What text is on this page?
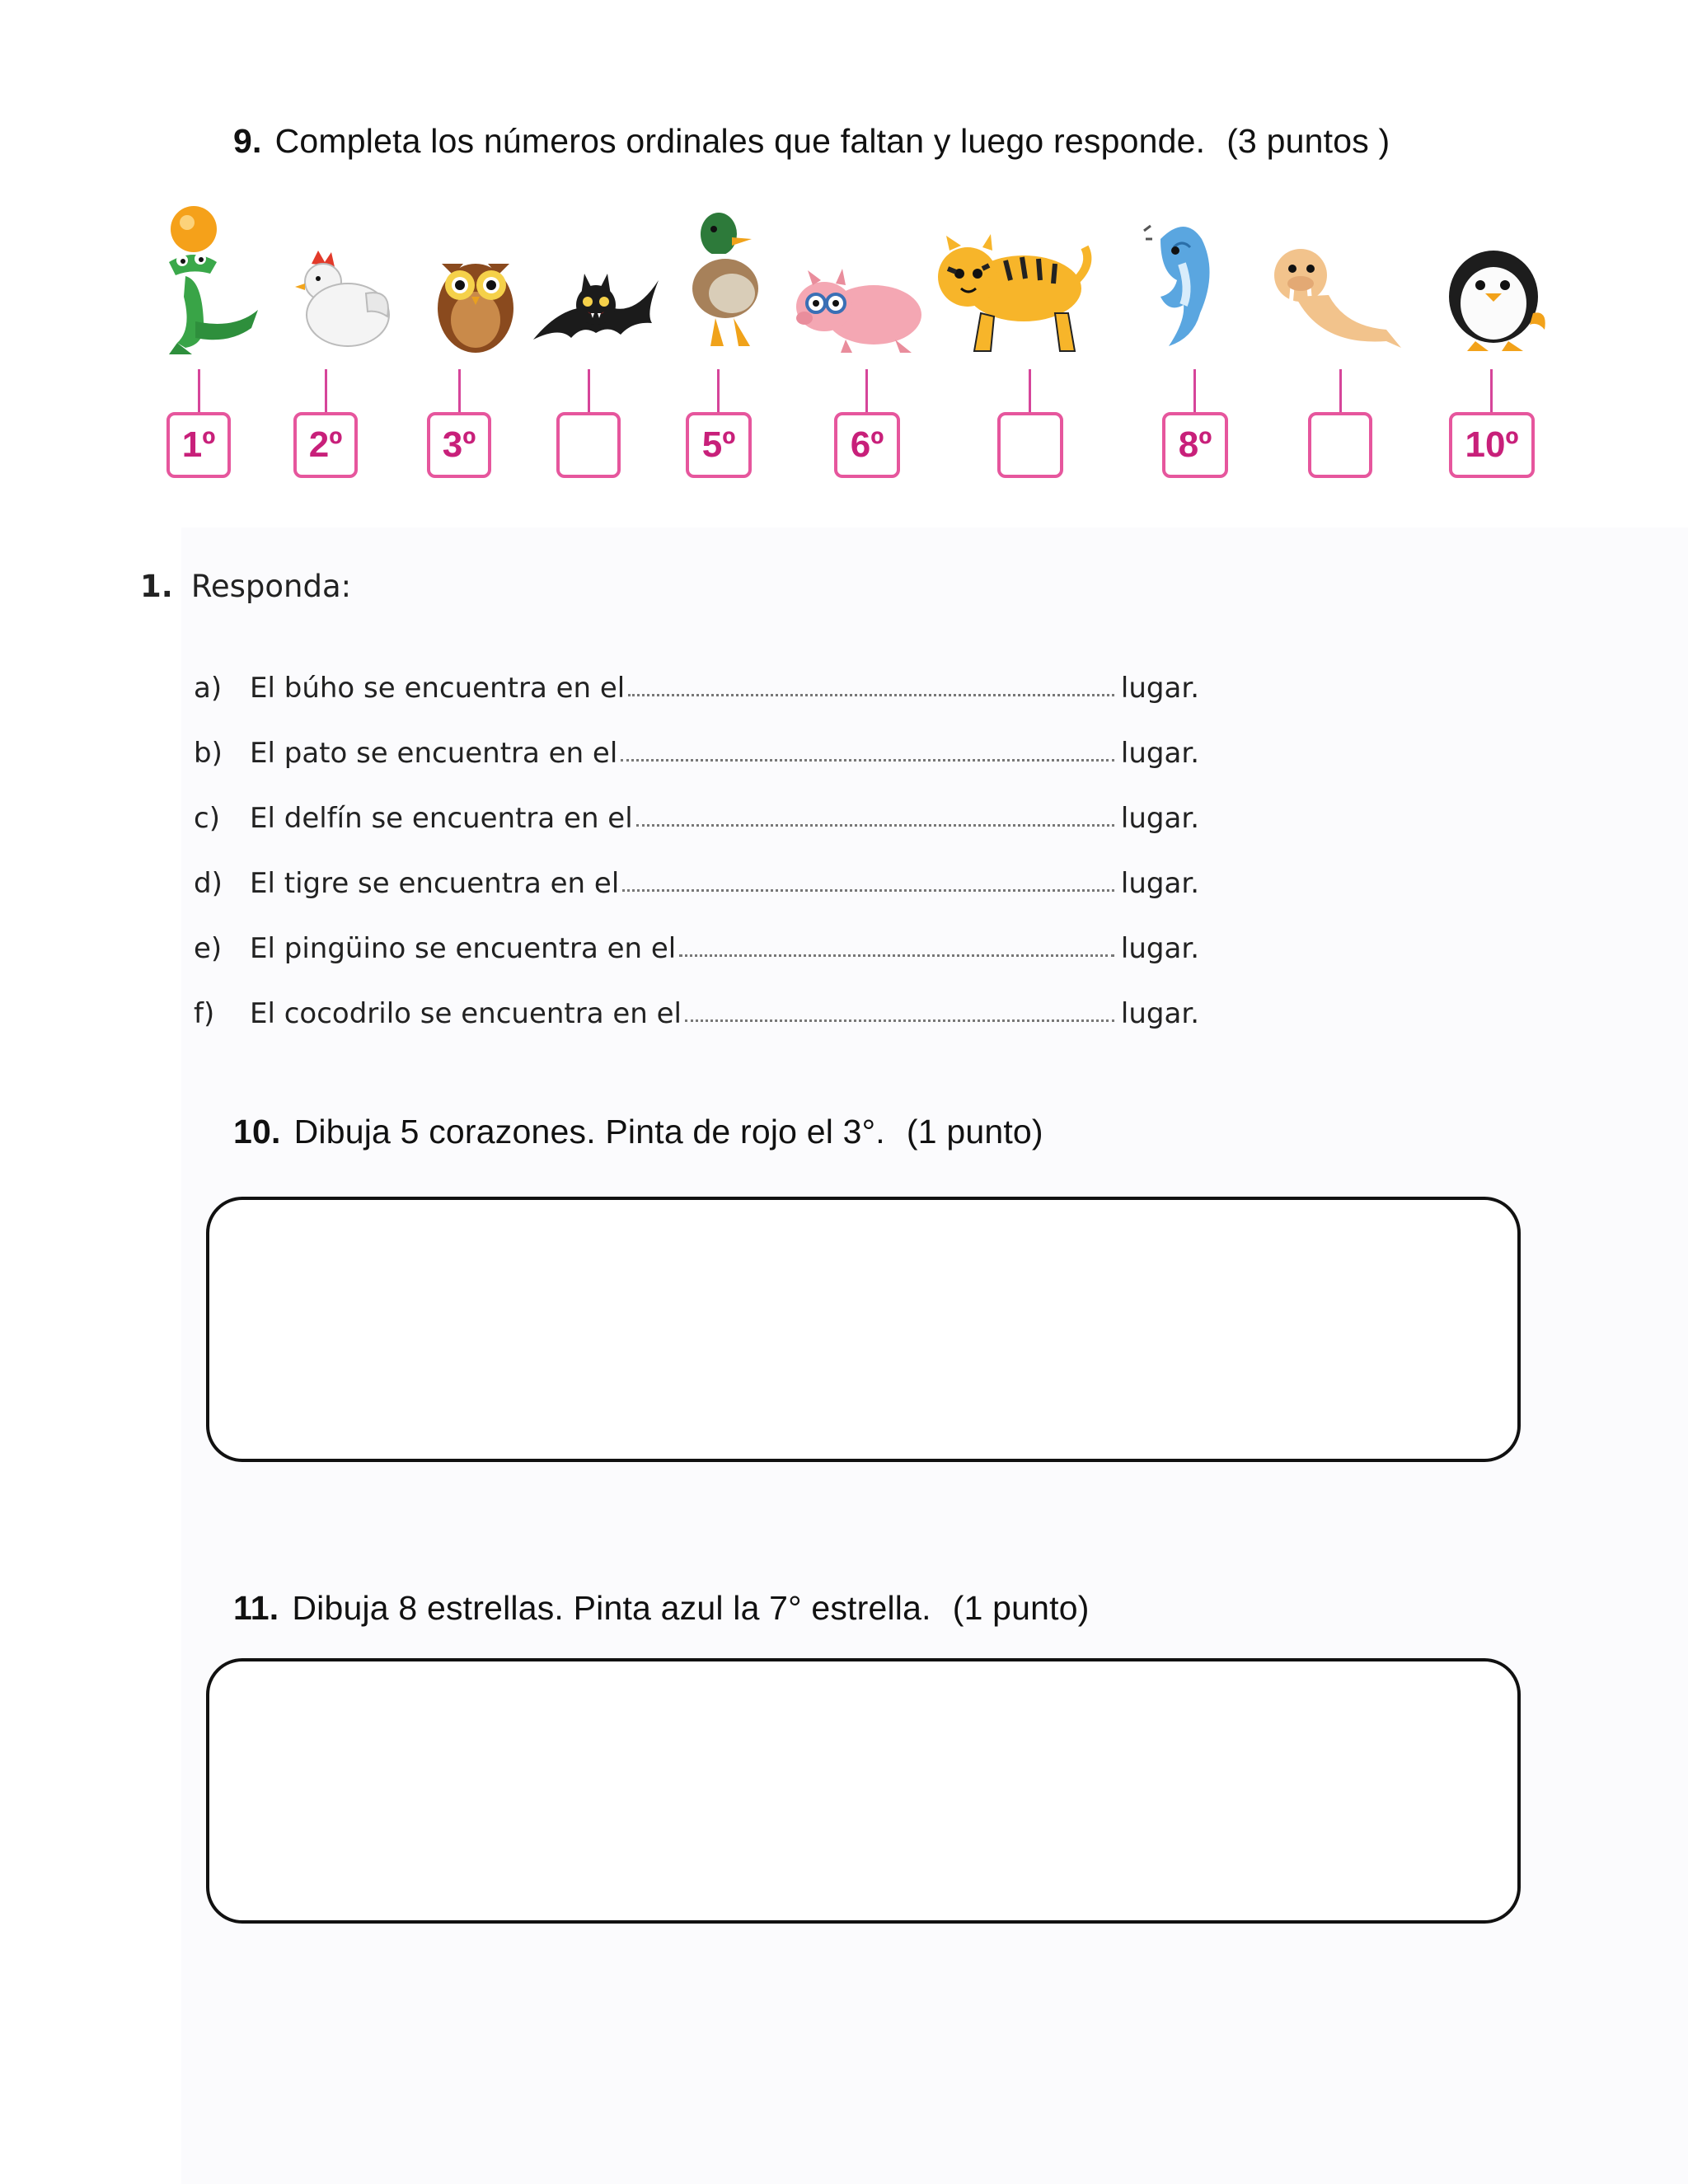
9. Completa los números ordinales que faltan y luego responde. (3 puntos )
1º	2º	3º	5º	6º	8º	10º
1. Responda:
a) El búho se encuentra en el	lugar.
b) El pato se encuentra en el	lugar.
c)	El delfín se encuentra en el	lugar.
d) El tigre se encuentra en el	lugar.
e) El pingüino se encuentra en el	lugar.
f)	El cocodrilo se encuentra en el	lugar.
10. Dibuja 5 corazones. Pinta de rojo el 3°. (1 punto)
11. Dibuja 8 estrellas. Pinta azul la 7° estrella. (1 punto)
